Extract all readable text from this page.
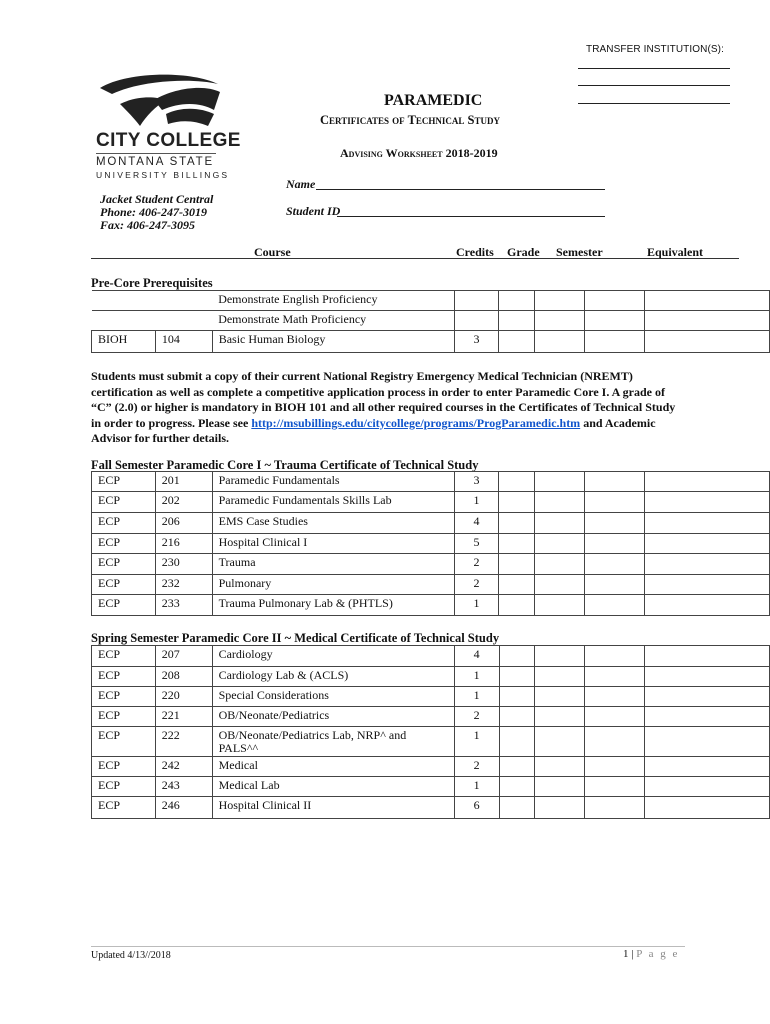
TRANSFER INSTITUTION(S):
CITY COLLEGE
MONTANA STATE
UNIVERSITY BILLINGS
PARAMEDIC
Certificates of Technical Study
Advising Worksheet 2018-2019
Jacket Student Central
Phone: 406-247-3019
Fax: 406-247-3095
Name
Student ID
Course	Credits Grade Semester	Equivalent
Pre-Core Prerequisites
		Demonstrate English Proficiency					
		Demonstrate Math Proficiency					
BIOH	104	Basic Human Biology	3				
Students must submit a copy of their current National Registry Emergency Medical Technician (NREMT) certification as well as complete a competitive application process in order to enter Paramedic Core I. A grade of “C” (2.0) or higher is mandatory in BIOH 101 and all other required courses in the Certificates of Technical Study in order to progress. Please see http://msubillings.edu/citycollege/programs/ProgParamedic.htm and Academic Advisor for further details.
Fall Semester Paramedic Core I ~ Trauma Certificate of Technical Study
ECP	201	Paramedic Fundamentals	3				
ECP	202	Paramedic Fundamentals Skills Lab	1				
ECP	206	EMS Case Studies	4				
ECP	216	Hospital Clinical I	5				
ECP	230	Trauma	2				
ECP	232	Pulmonary	2				
ECP	233	Trauma Pulmonary Lab & (PHTLS)	1				
Spring Semester Paramedic Core II ~ Medical Certificate of Technical Study
ECP	207	Cardiology	4				
ECP	208	Cardiology Lab & (ACLS)	1				
ECP	220	Special Considerations	1				
ECP	221	OB/Neonate/Pediatrics	2				
ECP	222	OB/Neonate/Pediatrics Lab, NRP^ and PALS^^	1				
ECP	242	Medical	2				
ECP	243	Medical Lab	1				
ECP	246	Hospital Clinical II	6				
Updated 4/13//2018	1 | P a g e
